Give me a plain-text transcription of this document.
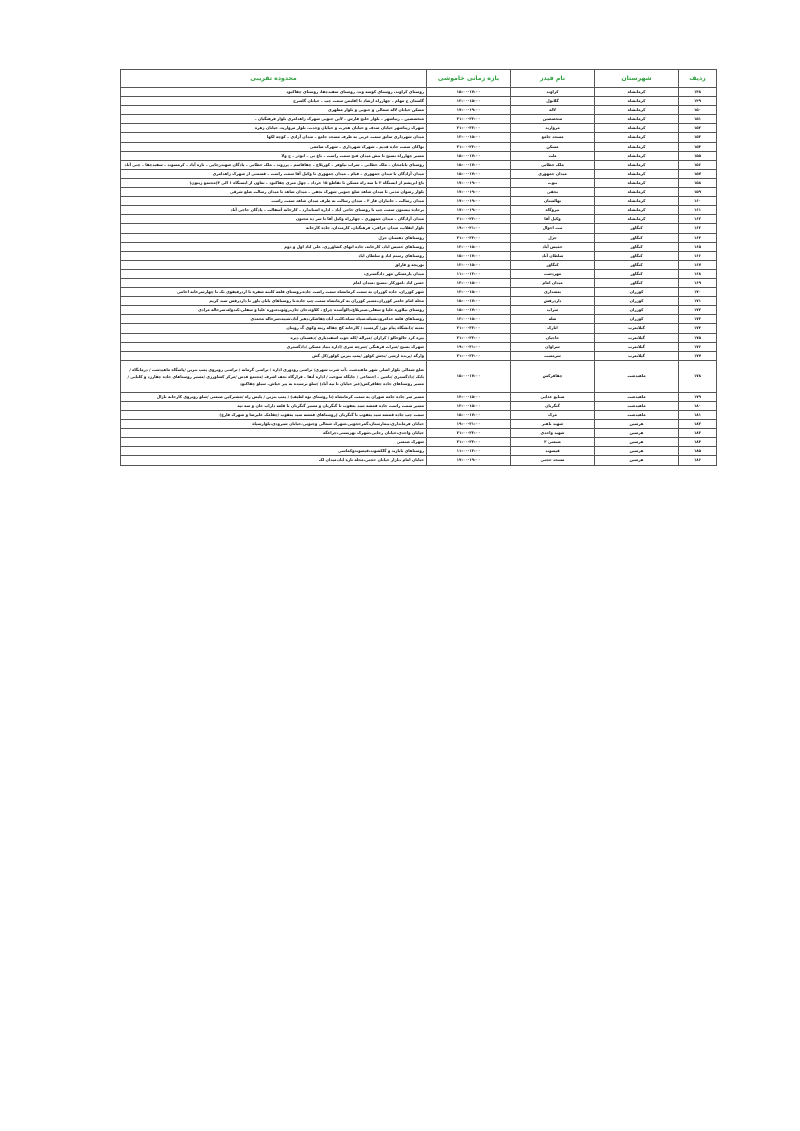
ردیف	شهرستان	نام فیدر	بازه زمانی خاموشی	محدوده تقریبی
۱۴۸	کرمانشاه	کراوند	۱۵:۰۰-۱۷:۰۰	روستای کراوند، روستای کوسه وند، روستای سفیدچقا، روستای چقاکبود
۱۴۹	کرمانشاه	گلابول	۱۳:۰۰-۱۵:۰۰	گلستان ج مهام – چهارراه ارشاد تا اقلیمن سمت چپ – خیابان گلسرخ
۱۵۰	کرمانشاه	لاله	۱۷:۰۰-۱۹:۰۰	مسکن خیابان لاله شمالی و جنوبی و بلوار مطهری
۱۵۱	کرمانشاه	متخصصین	۲۱:۰۰-۲۳:۰۰	متخصصین – زیباشهر – بلوار خلیج فارس – لاین جنوبی شهرک زاهدامری بلوار فرهنگیان –
۱۵۲	کرمانشاه	مرواريد	۲۱:۰۰-۲۳:۰۰	شهرک زیباشهر خیابان صدف و خیابان هجرت و خیابان وحدت، بلوار مروارید، خیابان زهره
۱۵۳	کرمانشاه	مسجد جامع	۱۳:۰۰-۱۵:۰۰	میدان شهرداری ساتق سمت غربی به طرف مسجد جامع – میدان آزادی – کوچه لکها
۱۵۴	کرمانشاه	مسکن	۲۱:۰۰-۲۳:۰۰	نواکان سمت جاده قدیم – شهرک شهرداری – شهرک صامعی
۱۵۵	کرمانشاه	ملت	۱۵:۰۰-۱۷:۰۰	مسیر چهارراه بسیج تا نبش میدان فتح سمت راست – باغ نی – ابوذر – ج ولا
۱۵۶	کرمانشاه	ملک خطابی	۱۵:۰۰-۱۷:۰۰	روستای بابامحان – ملک خطابی – سراب نیلوفر – کوریلاغ – چقاقاسم – پرزوند – ملک خطابی – پادگان شهیدرجایی – تازه آباد – کرمسوند – سفیدچقا – چنی آباد
۱۵۷	کرمانشاه	میدان جمهوری	۱۵:۰۰-۱۷:۰۰	میدان آزادگان تا میدان جمهوری – فیام – میدان جمهوری تا وکیل آقا سمت راست – قسمتی از شهرک زاهدامری
۱۵۸	کرمانشاه	نبوت	۱۷:۰۰-۱۹:۰۰	باغ ابریشم از ایستگاه ۲ تا سه راه مسکن تا تقاطع ۱۵ خرداد – چهل متری چقاکبود – تعاون از ایستگاه ۱ الی ۴(مجتمع زیتون)
۱۵۹	کرمانشاه	نجفی	۱۷:۰۰-۱۹:۰۰	بلوار رضوان مدنی تا میدان شاهد ضلع جنوبی شهرک نجفی – میدان شاهد تا میدان رسالت ضلع شرقی
۱۶۰	کرمانشاه	نهالستان	۱۷:۰۰-۱۹:۰۰	میدان رسالت – جانبازان فاز ۴ – میدان رسالت به طرف میدان شاهد سمت راست
۱۶۱	کرمانشاه	نیروگاه	۱۷:۰۰-۱۹:۰۰	برجاده بیستون سمت چپ تا روستای حاجی آباد – اداره استاندارد – کارخانه آسفالت – پادگان حاجی آباد
۱۶۲	کرمانشاه	وکیل آقا	۲۱:۰۰-۲۳:۰۰	میدان آزادگان – میدان جمهوری – چهارراه وکیل آقا تا سر ده مجنون
۱۶۳	کنگاور	ثبت احوال	۱۹:۰۰-۲۱:۰۰	بلوار انقلاب، میدان عراقی، فرهنگیان، کارمندان، جاده کارخانه
۱۶۴	کنگاور	جزل	۲۱:۰۰-۲۳:۰۰	روستاهای دهستان جزل
۱۶۵	کنگاور	خمیس آباد	۱۳:۰۰-۱۵:۰۰	روستاهای خمیس اباد، کارخانه، جاده ابهای کشاورزی، علی اباد اول و دوم
۱۶۶	کنگاور	سلطان آباد	۱۵:۰۰-۱۷:۰۰	روستاهای رستم اباد و سلطان اباد
۱۶۷	کنگاور	کنگاور	۱۳:۰۰-۱۵:۰۰	نوریجه و قارلق
۱۶۸	کنگاور	مهردشت	۱۱:۰۰-۱۳:۰۰	میدان بازمسکن مهر دادگستری،
۱۶۹	کنگاور	میدان امام	۱۳:۰۰-۱۵:۰۰	حسن اباد ،اموزکار ،بسیج ،میدان امام
۱۷۰	کوزران	بغشداری	۱۳:۰۰-۱۵:۰۰	شهر کوزران، جاده کوزران به سمت کرمانشاه سمت راست جاده،روستای قلعه کلبنه شفرة تا اردرفیقوی تک تا چهارسرخانه اخامی
۱۷۱	کوزران	داردرفش	۱۵:۰۰-۱۷:۰۰	محله امام خامنر کوزران،مسیر کوزران به کرمانشاه سمت چپ جاده،تا روستاهای بابان باور تا داردرفش سید کریم
۱۷۲	کوزران	سراب	۱۵:۰۰-۱۷:۰۰	روستای نیلاوره علیا و سفلی،سبزبلاغ،دالوآسده چراغ ، کلاوه،جان جان،روئونده،وره علیا و سفلی،کندوله،سرخاله مرادی
۱۷۳	کوزران	شله	۱۳:۰۰-۱۵:۰۰	روستاهای قلعه خدامرودنشیله،سیاه سیاه،کلنت آباد،چقاشکر،دهیر آباد،شبیه،سرخاله محمدی
۱۷۴	گیلانغرب	اتارک	۲۱:۰۰-۲۳:۰۰	بعثیه /دانشگاه پیام نور/ گرمسید / کارخانه کچ چقاله ریته وکوی گ رویتان
۱۷۵	گیلانغرب	حاجیان	۲۱:۰۰-۲۳:۰۰	بیره کرد خالوخالو / کرازان /میراله /کله جوب اسفندیاری /دهستان دیره
۱۷۶	گیلانغرب	سراوان	۱۹:۰۰-۲۱:۰۰	شهرک بسیج /میراث فرهنگی /سرچه سری /اداره بنیاد مسکن /دادگستری
۱۷۷	گیلانغرب	سرمست	۲۱:۰۰-۲۳:۰۰	وارگه /پرنده ارشی /بخش کولور /پمپ بنزین کولور/کل گش
۱۷۸	ماهیدشت	چقاقرکس	۱۵:۰۰-۱۷:۰۰	ضلع شمالی بلوار اصلی شهر ماهیدشت –آب شرب شهری/ ترامنی رودوری اداره / ترامنی گرمانه / ترامنی روبروی پمپ بنزین /پاسگاه ماهیدشت / درمانگاه /بانک /دادگستری /تامین – اجتماعی / جایگاه سوخت / اداره آبفا – قرارگاه نجف اشرف /مجتمع قدس /مرکز کشاورزی /مسیر روستاهای جاده چقارزد و کلبایی / مسیر روستاهای جاده چقاقرکس(غیر خیابان تا تپه آباد) /سلو نرسیده به پیر خیاش– سیلو چقاکبود
۱۷۹	ماهیدشت	صنایع غذایی	۱۴:۰۰-۱۵:۰۰	مسیر سر جاده جامه شوران به سمت کرمانشاه (تا روستای توه لطیف) / پمپ بنزین / پلیس راه /مشترکین صنعتی /سلو روبروی کارخانه ناژال
۱۸۰	ماهیدشت	گنگربان	۱۳:۰۰-۱۵:۰۰	مسیر سمت راست جاده قمشه سید یعقوب تا گنگربان و مسیر گنگربان تا قلعه داراب خان و سه تپه
۱۸۱	ماهیدشت	مرک	۱۵:۰۰-۱۷:۰۰	سمت چپ جاده قمشه سید یعقوب تا گنگربان (روستاهای قمشه سید یعقوب /چقامک علیرضا و شهرک فارغ)
۱۸۲	هرسین	شهید باهنر	۱۹:۰۰-۲۱:۰۰	خیابان فرمانداری،بیمارستان،گمرحجویی،شهرک شمالی وجنوبی،خیابان شیرودی،بلوارسپاه
۱۸۳	هرسین	شهید واحدی	۲۱:۰۰-۲۳:۰۰	خیابان واحدی،خیابان رجایی،شهرک بهزیستی،چراغگه
۱۸۴	هرسین	صنعتی ۲	۲۱:۰۰-۲۳:۰۰	شهرک صنعتی
۱۸۵	هرسین	قیسوند	۱۱:۰۰-۱۳:۰۰	روستاهای بابازید و گلکشوند،قیسوندوکماسی
۱۸۶	هرسین	مسجد حجتی	۱۷:۰۰-۱۹:۰۰	خیابان امام ،بازار خیابان حجتی،محله تازه اباد،میدان لک
